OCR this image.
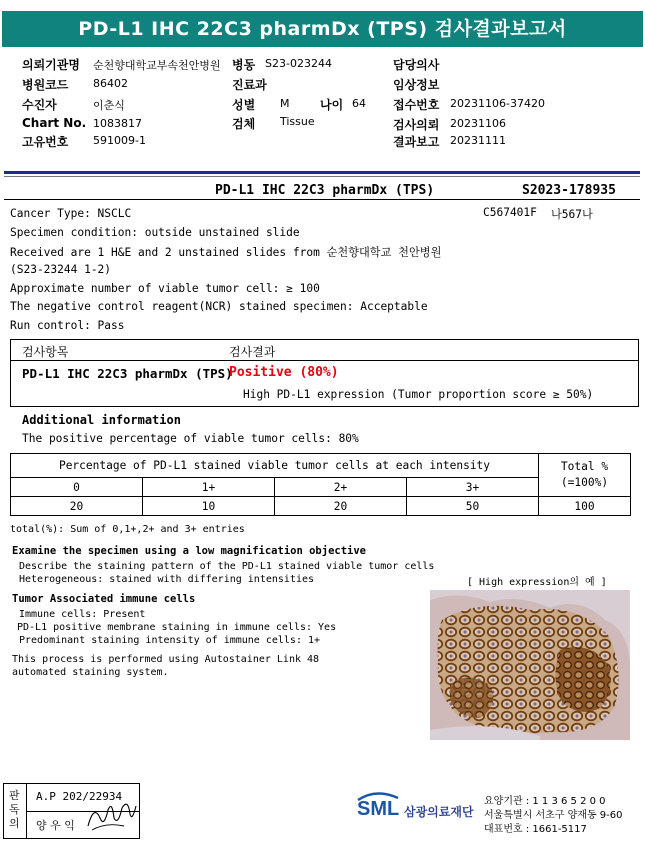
PD-L1 IHC 22C3 pharmDx (TPS) 검사결과보고서
의뢰기관명 순천향대학교부속천안병원 병동 S23-023244	담당의사
병원코드 86402	진료과	임상정보
수진자	이춘식	성별 M	나이 64 접수번호 20231106-37420
Chart No. 1083817	검체 Tissue	검사의뢰 20231106
고유번호 591009-1	결과보고 20231111
PD-L1 IHC 22C3 pharmDx (TPS)	S2023-178935
Cancer Type: NSCLC	C567401F 나567나
Specimen condition: outside unstained slide
Received are 1 H&E and 2 unstained slides from 순천향대학교 천안병원
(S23-23244 1-2)
Approximate number of viable tumor cell: ≥ 100
The negative control reagent(NCR) stained specimen: Acceptable
Run control: Pass
검사항목	검사결과
PD-L1 IHC 22C3 pharmDx (TPS)
Positive (80%)
High PD-L1 expression (Tumor proportion score ≥ 50%)
Additional information
The positive percentage of viable tumor cells: 80%
Percentage of PD-L1 stained viable tumor cells at each intensity				Total %
(=100%)
0	1+	2+	3+	
20	10	20	50	100
total(%): Sum of 0,1+,2+ and 3+ entries
Examine the specimen using a low magnification objective
Describe the staining pattern of the PD-L1 stained viable tumor cells
Heterogeneous: stained with differing intensities	[ High expression의 예 ]
Tumor Associated immune cells
Immune cells: Present
PD-L1 positive membrane staining in immune cells: Yes
Predominant staining intensity of immune cells: 1+
This process is performed using Autostainer Link 48
automated staining system.
판독의
A.P 202/22934
양 우 익
SML 삼광의료재단
요양기관 : 1 1 3 6 5 2 0 0
서울특별시 서초구 양재동 9-60
대표번호 : 1661-5117
